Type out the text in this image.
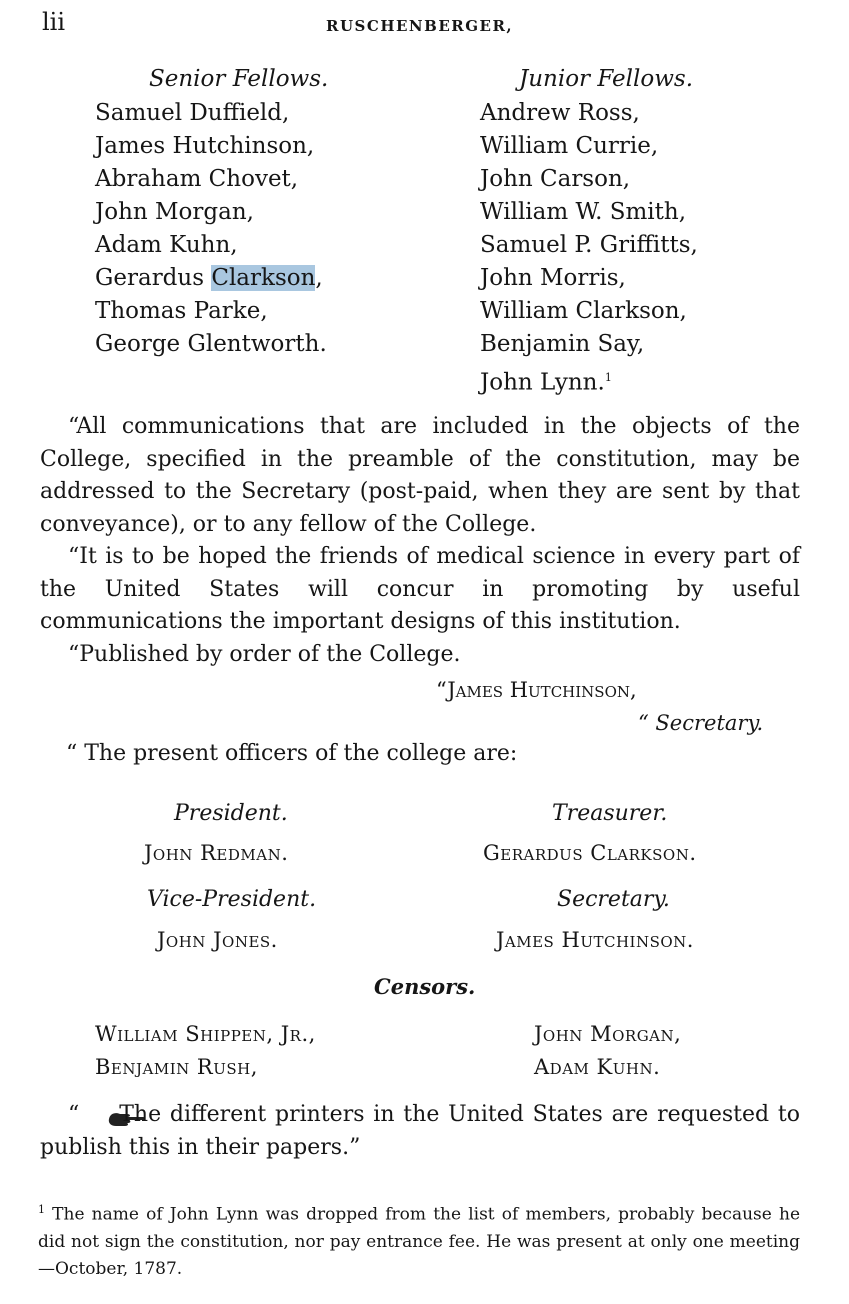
lii	RUSCHENBERGER,
Senior Fellows.	Junior Fellows.
Samuel Duffield,
James Hutchinson,
Abraham Chovet,
John Morgan,
Adam Kuhn,
Gerardus Clarkson,
Thomas Parke,
George Glentworth.
Andrew Ross,
William Currie,
John Carson,
William W. Smith,
Samuel P. Griffitts,
John Morris,
William Clarkson,
Benjamin Say,
John Lynn.$^1$

“All communications that are included in the objects of the College, specified in the preamble of the constitution, may be addressed to the Secretary (post-paid, when they are sent by that conveyance), or to any fellow of the College.

“It is to be hoped the friends of medical science in every part of the United States will concur in promoting by useful communications the important designs of this institution.

“Published by order of the College.

“James Hutchinson,
“ Secretary.
“ The present officers of the college are:
President.
John Redman.
Treasurer.
Gerardus Clarkson.
Vice-President.
John Jones.
Secretary.
James Hutchinson.
Censors.
William Shippen, Jr.,
Benjamin Rush,
John Morgan,
Adam Kuhn.

“ The different printers in the United States are requested to publish this in their papers.”

$^1$ The name of John Lynn was dropped from the list of members, probably because he did not sign the constitution, nor pay entrance fee. He was present at only one meeting—October, 1787.
